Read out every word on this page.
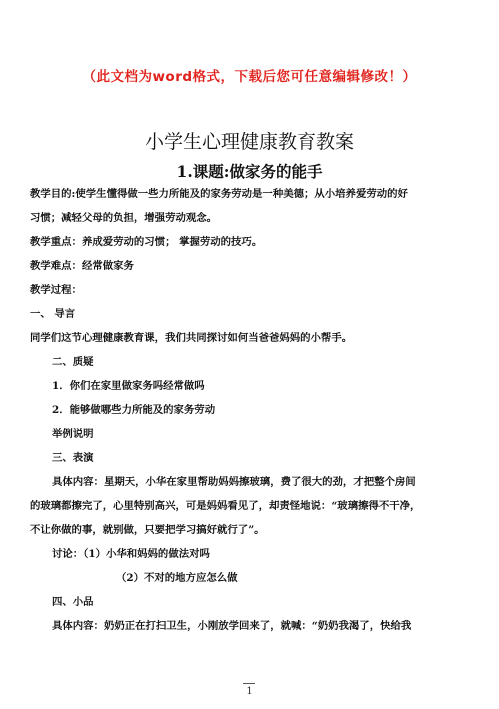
（此文档为word格式，下载后您可任意编辑修改！）
小学生心理健康教育教案
1.课题:做家务的能手
教学目的:使学生懂得做一些力所能及的家务劳动是一种美德；从小培养爱劳动的好
习惯；减轻父母的负担，增强劳动观念。
教学重点：养成爱劳动的习惯； 掌握劳动的技巧。
教学难点：经常做家务
教学过程：
一、 导言
同学们这节心理健康教育课，我们共同探讨如何当爸爸妈妈的小帮手。
二、质疑
1．你们在家里做家务吗经常做吗
2．能够做哪些力所能及的家务劳动
举例说明
三、表演
具体内容：星期天，小华在家里帮助妈妈擦玻璃，费了很大的劲，才把整个房间
的玻璃都擦完了，心里特别高兴，可是妈妈看见了，却责怪地说：“玻璃擦得不干净，
不让你做的事，就别做，只要把学习搞好就行了”。
讨论：（1）小华和妈妈的做法对吗
（2）不对的地方应怎么做
四、小品
具体内容：奶奶正在打扫卫生，小刚放学回来了，就喊：“奶奶我渴了，快给我
1
